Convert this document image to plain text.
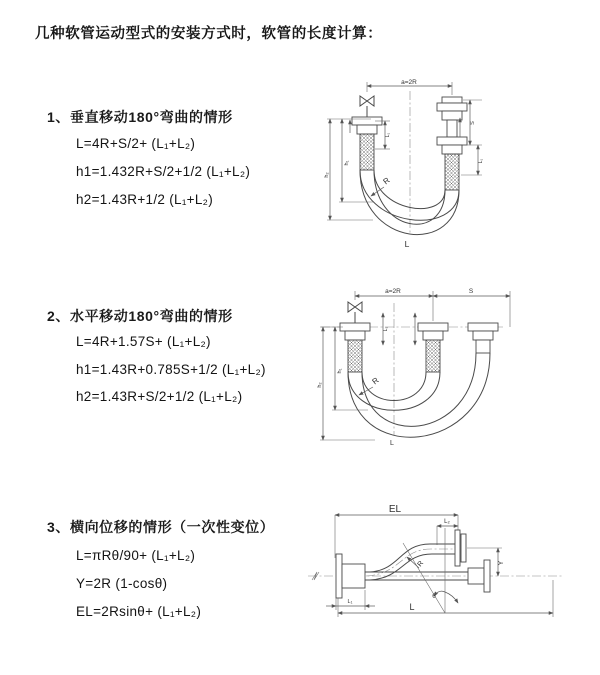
几种软管运动型式的安装方式时，软管的长度计算：
1、垂直移动180°弯曲的情形
L=4R+S/2+ (L₁+L₂)
h1=1.432R+S/2+1/2 (L₁+L₂)
h2=1.43R+1/2 (L₁+L₂)
2、水平移动180°弯曲的情形
L=4R+1.57S+ (L₁+L₂)
h1=1.43R+0.785S+1/2 (L₁+L₂)
h2=1.43R+S/2+1/2 (L₁+L₂)
3、横向位移的情形（一次性变位）
L=πRθ/90+ (L₁+L₂)
Y=2R (1-cosθ)
EL=2Rsinθ+ (L₁+L₂)
a=2R
L₁
h₂
h₁
S
L₁
R
L
a=2R	S
L₁
h₂
h₁
R
L
EL
L₂
θ
R	Y
L₁	L
